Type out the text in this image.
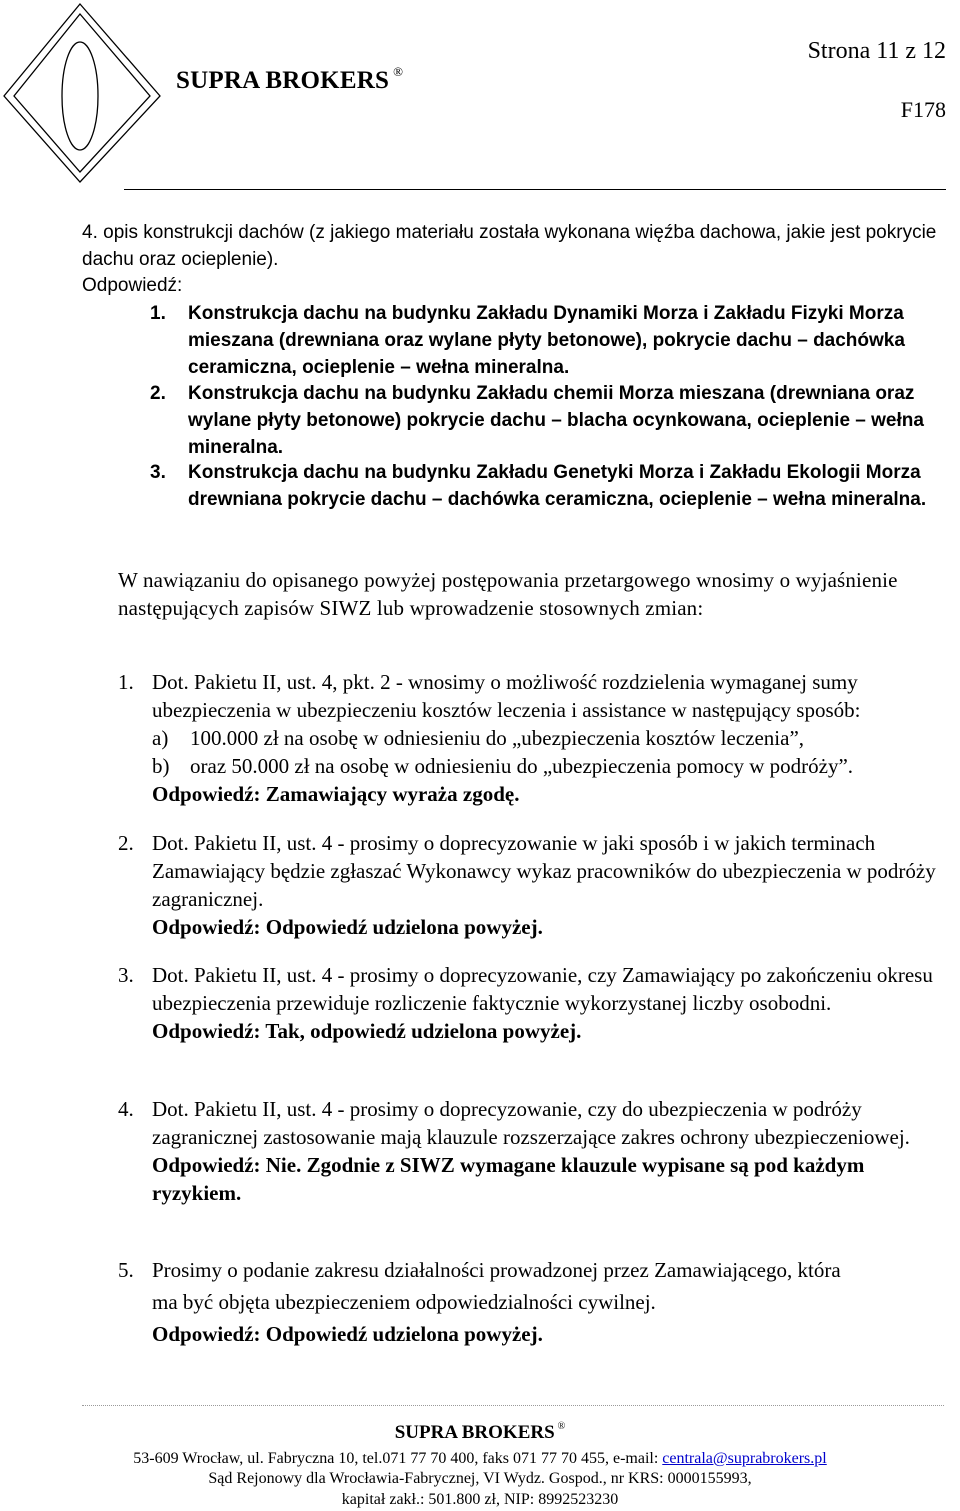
SUPRA BROKERS ®
Strona 11 z 12
F178
4. opis konstrukcji dachów (z jakiego materiału została wykonana więźba dachowa, jakie jest pokrycie dachu oraz ocieplenie).
Odpowiedź:
1. Konstrukcja dachu na budynku Zakładu Dynamiki Morza i Zakładu Fizyki Morza mieszana (drewniana oraz wylane płyty betonowe), pokrycie dachu – dachówka ceramiczna, ocieplenie – wełna mineralna.
2. Konstrukcja dachu na budynku Zakładu chemii Morza mieszana (drewniana oraz wylane płyty betonowe) pokrycie dachu – blacha ocynkowana, ocieplenie – wełna mineralna.
3. Konstrukcja dachu na budynku Zakładu Genetyki Morza i Zakładu Ekologii Morza drewniana pokrycie dachu – dachówka ceramiczna, ocieplenie – wełna mineralna.
W nawiązaniu do opisanego powyżej postępowania przetargowego wnosimy o wyjaśnienie następujących zapisów SIWZ lub wprowadzenie stosownych zmian:
1. Dot. Pakietu II, ust. 4, pkt. 2 - wnosimy o możliwość rozdzielenia wymaganej sumy ubezpieczenia w ubezpieczeniu kosztów leczenia i assistance w następujący sposób:
a) 100.000 zł na osobę w odniesieniu do „ubezpieczenia kosztów leczenia”,
b) oraz 50.000 zł na osobę w odniesieniu do „ubezpieczenia pomocy w podróży”.
Odpowiedź: Zamawiający wyraża zgodę.
2. Dot. Pakietu II, ust. 4 - prosimy o doprecyzowanie w jaki sposób i w jakich terminach Zamawiający będzie zgłaszać Wykonawcy wykaz pracowników do ubezpieczenia w podróży zagranicznej.
Odpowiedź: Odpowiedź udzielona powyżej.
3. Dot. Pakietu II, ust. 4 - prosimy o doprecyzowanie, czy Zamawiający po zakończeniu okresu ubezpieczenia przewiduje rozliczenie faktycznie wykorzystanej liczby osobodni.
Odpowiedź: Tak, odpowiedź udzielona powyżej.
4. Dot. Pakietu II, ust. 4 - prosimy o doprecyzowanie, czy do ubezpieczenia w podróży zagranicznej zastosowanie mają klauzule rozszerzające zakres ochrony ubezpieczeniowej.
Odpowiedź: Nie. Zgodnie z SIWZ wymagane klauzule wypisane są pod każdym ryzykiem.
5. Prosimy o podanie zakresu działalności prowadzonej przez Zamawiającego, która
ma być objęta ubezpieczeniem odpowiedzialności cywilnej.
Odpowiedź: Odpowiedź udzielona powyżej.
SUPRA BROKERS ®
53-609 Wrocław, ul. Fabryczna 10, tel.071 77 70 400, faks 071 77 70 455, e-mail: centrala@suprabrokers.pl
Sąd Rejonowy dla Wrocławia-Fabrycznej, VI Wydz. Gospod., nr KRS: 0000155993,
kapitał zakł.: 501.800 zł, NIP: 8992523230
